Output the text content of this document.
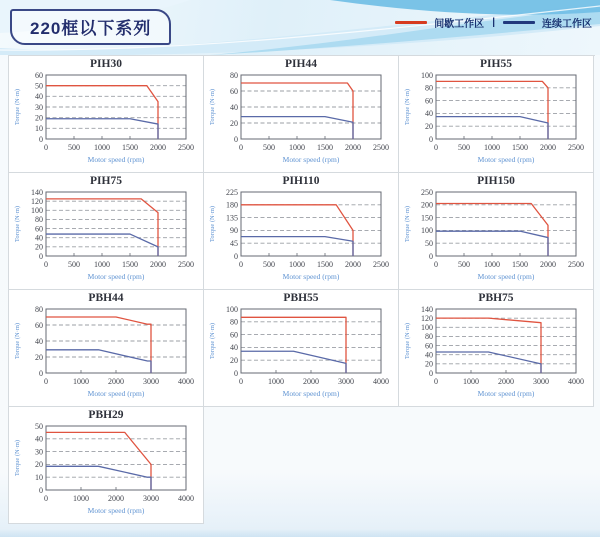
220框以下系列	间歇工作区 |	连续工作区
PIH30
0	500 1000 1500 2000 2500
0
10
20
30
40
50
60
Motor speed (rpm)
Torque (N·m)
PIH44
0	500 1000 1500 2000 2500
0
20
40
60
80
Motor speed (rpm)
Torque (N·m)
PIH55
0	500 1000 1500 2000 2500
0
20
40
60
80
100
Motor speed (rpm)
Torque (N·m)
PIH75
0	500 1000 1500 2000 2500
0
20
40
60
80
100
120
140
Motor speed (rpm)
Torque (N·m)
PIH110
0	500 1000 1500 2000 2500
0
45
90
135
180
225
Motor speed (rpm)
Torque (N·m)
PIH150
0	500 1000 1500 2000 2500
0
50
100
150
200
250
Motor speed (rpm)
Torque (N·m)
PBH44
0	1000 2000 3000 4000
0
20
40
60
80
Motor speed (rpm)
Torque (N·m)
PBH55
0	1000 2000 3000 4000
0
20
40
60
80
100
Motor speed (rpm)
Torque (N·m)
PBH75
0	1000 2000 3000 4000
0
20
40
60
80
100
120
140
Motor speed (rpm)
Torque (N·m)
PBH29
0	1000 2000 3000 4000
0
10
20
30
40
50
Motor speed (rpm)
Torque (N·m)
